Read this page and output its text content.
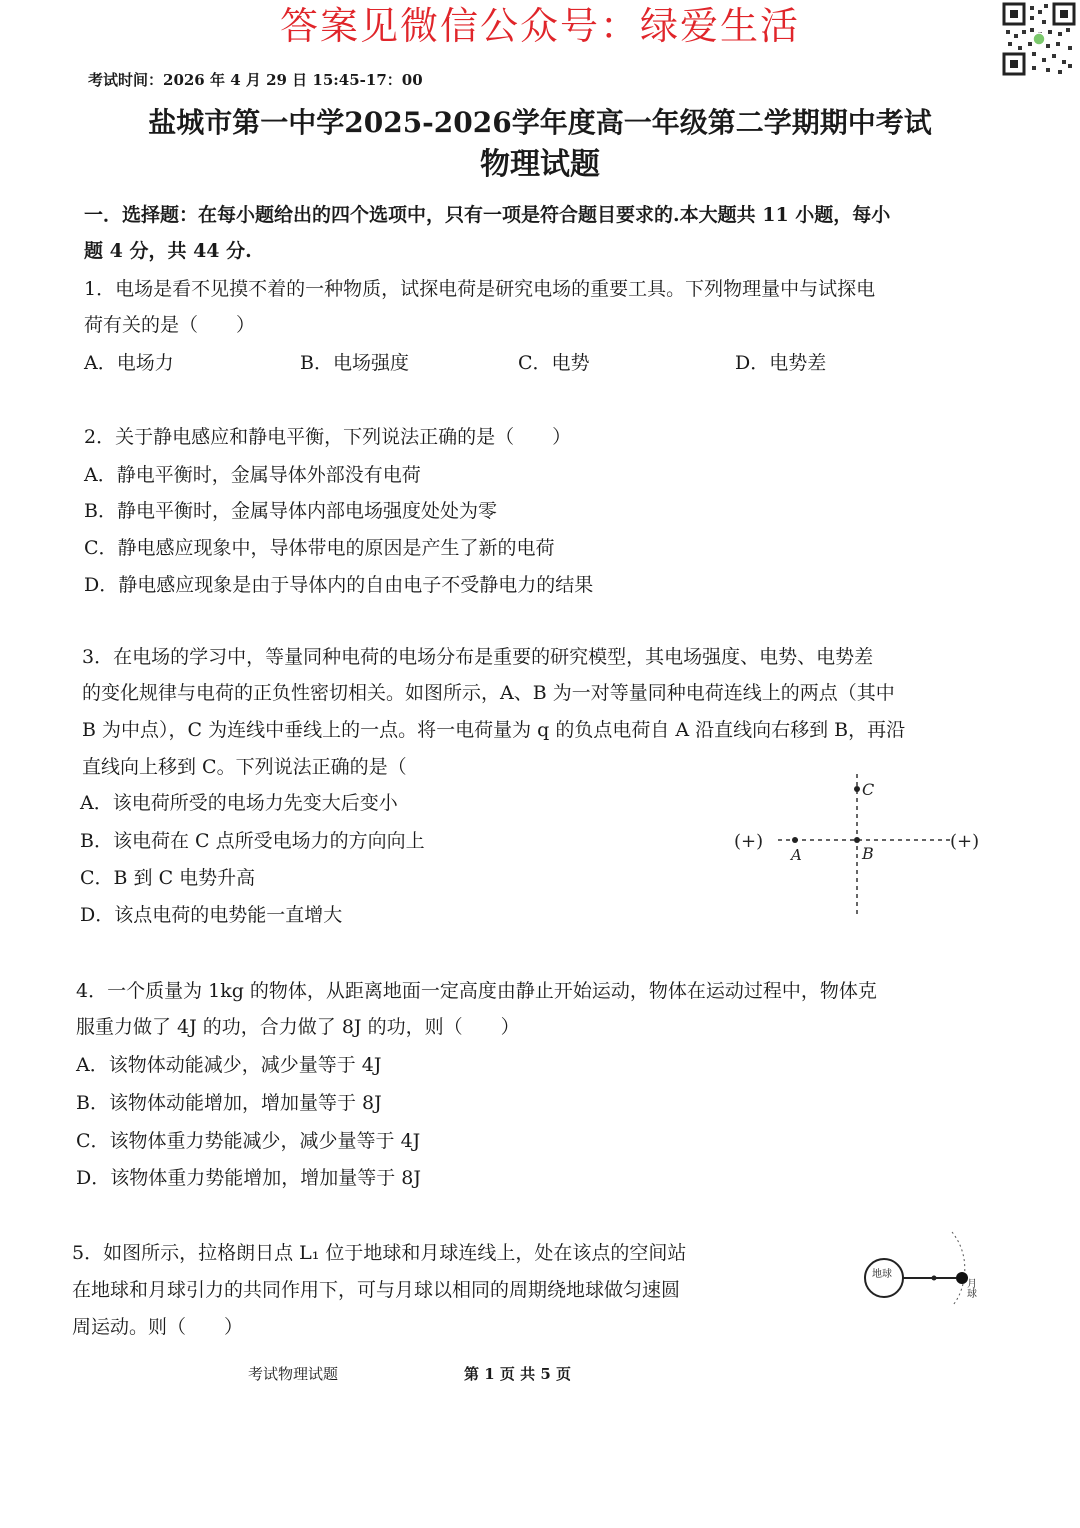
答案见微信公众号：绿爱生活
考试时间：2026 年 4 月 29 日 15:45-17：00
盐城市第一中学2025-2026学年度高一年级第二学期期中考试
物理试题
一．选择题：在每小题给出的四个选项中，只有一项是符合题目要求的.本大题共 11 小题，每小
题 4 分，共 44 分.
1．电场是看不见摸不着的一种物质，试探电荷是研究电场的重要工具。下列物理量中与试探电
荷有关的是（　　）
A．电场力	B．电场强度	C．电势	D．电势差
2．关于静电感应和静电平衡，下列说法正确的是（　　）
A．静电平衡时，金属导体外部没有电荷
B．静电平衡时，金属导体内部电场强度处处为零
C．静电感应现象中，导体带电的原因是产生了新的电荷
D．静电感应现象是由于导体内的自由电子不受静电力的结果
3．在电场的学习中，等量同种电荷的电场分布是重要的研究模型，其电场强度、电势、电势差
的变化规律与电荷的正负性密切相关。如图所示，A、B 为一对等量同种电荷连线上的两点（其中
B 为中点），C 为连线中垂线上的一点。将一电荷量为 q 的负点电荷自 A 沿直线向右移到 B，再沿
直线向上移到 C。下列说法正确的是（
A．该电荷所受的电场力先变大后变小
B．该电荷在 C 点所受电场力的方向向上
C．B 到 C 电势升高
D．该点电荷的电势能一直增大
(+)	(+)
A	B
C
4．一个质量为 1kg 的物体，从距离地面一定高度由静止开始运动，物体在运动过程中，物体克
服重力做了 4J 的功，合力做了 8J 的功，则（　　）
A．该物体动能减少，减少量等于 4J
B．该物体动能增加，增加量等于 8J
C．该物体重力势能减少，减少量等于 4J
D．该物体重力势能增加，增加量等于 8J
5．如图所示，拉格朗日点 L₁ 位于地球和月球连线上，处在该点的空间站
在地球和月球引力的共同作用下，可与月球以相同的周期绕地球做匀速圆
周运动。则（　　）
地球
月球
考试物理试题	第 1 页 共 5 页
